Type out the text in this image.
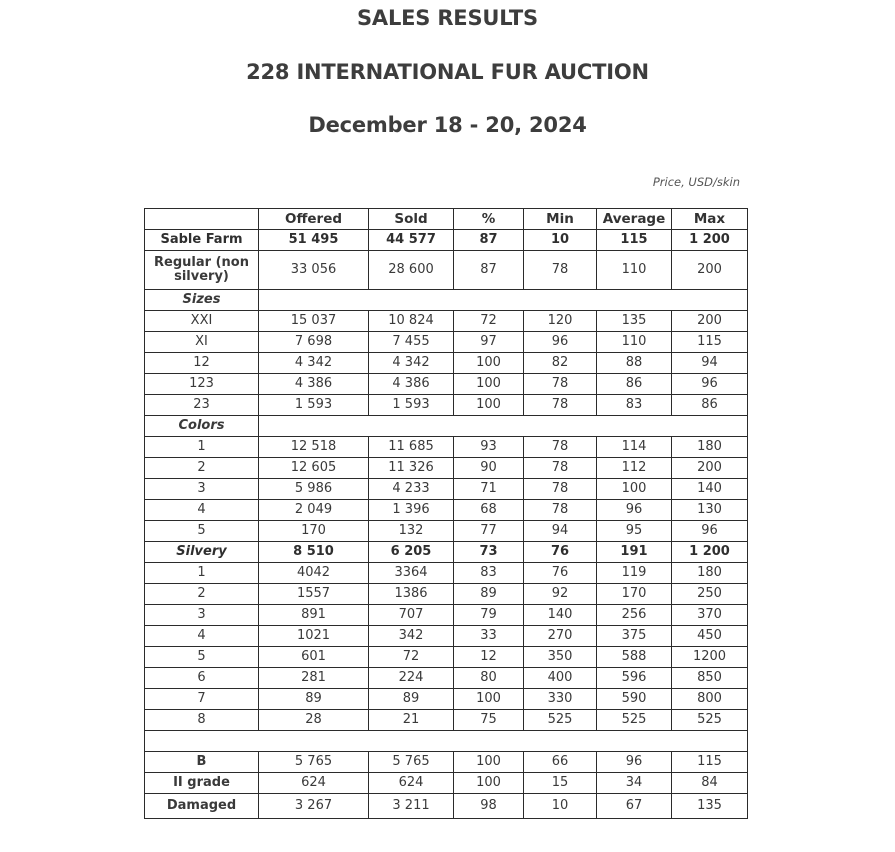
SALES RESULTS
228 INTERNATIONAL FUR AUCTION
December 18 - 20, 2024
Price, USD/skin
	Offered	Sold	%	Min	Average	Max
Sable Farm	51 495	44 577	87	10	115	1 200
Regular (non silvery)	33 056	28 600	87	78	110	200
Sizes						
XXI	15 037	10 824	72	120	135	200
XI	7 698	7 455	97	96	110	115
12	4 342	4 342	100	82	88	94
123	4 386	4 386	100	78	86	96
23	1 593	1 593	100	78	83	86
Colors						
1	12 518	11 685	93	78	114	180
2	12 605	11 326	90	78	112	200
3	5 986	4 233	71	78	100	140
4	2 049	1 396	68	78	96	130
5	170	132	77	94	95	96
Silvery	8 510	6 205	73	76	191	1 200
1	4042	3364	83	76	119	180
2	1557	1386	89	92	170	250
3	891	707	79	140	256	370
4	1021	342	33	270	375	450
5	601	72	12	350	588	1200
6	281	224	80	400	596	850
7	89	89	100	330	590	800
8	28	21	75	525	525	525

B	5 765	5 765	100	66	96	115
II grade	624	624	100	15	34	84
Damaged	3 267	3 211	98	10	67	135
